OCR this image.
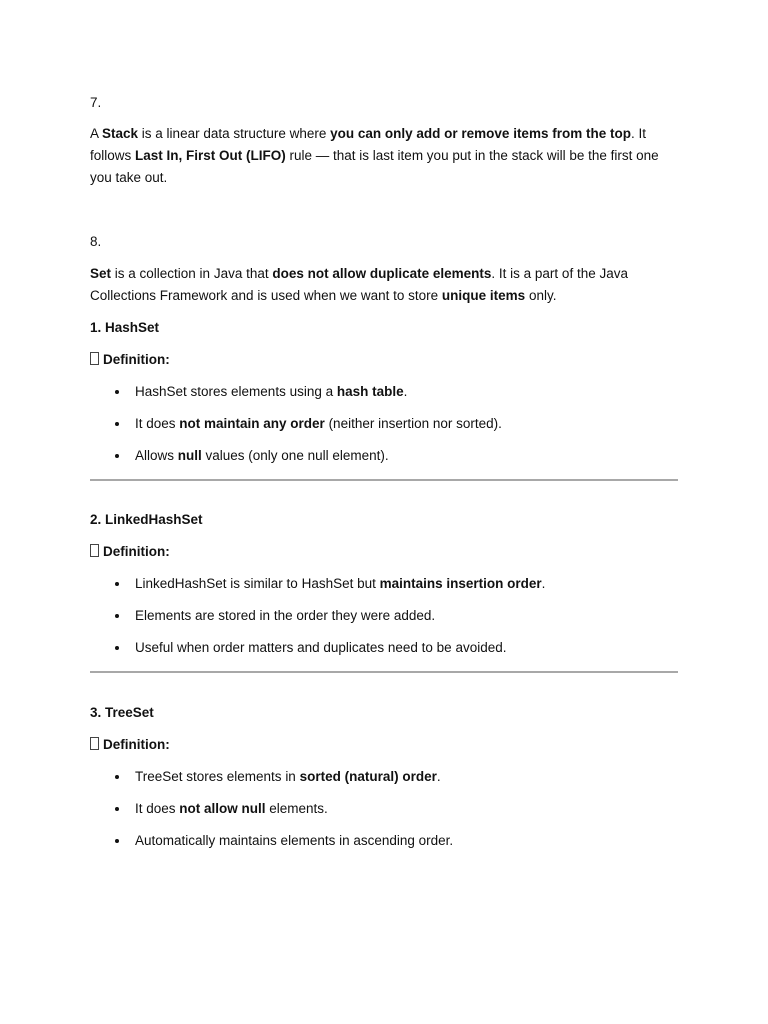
7.

A Stack is a linear data structure where you can only add or remove items from the top. It follows Last In, First Out (LIFO) rule — that is last item you put in the stack will be the first one you take out.

8.

Set is a collection in Java that does not allow duplicate elements. It is a part of the Java Collections Framework and is used when we want to store unique items only.

1. HashSet

Definition:

HashSet stores elements using a hash table.
It does not maintain any order (neither insertion nor sorted).
Allows null values (only one null element).

2. LinkedHashSet

Definition:

LinkedHashSet is similar to HashSet but maintains insertion order.
Elements are stored in the order they were added.
Useful when order matters and duplicates need to be avoided.

3. TreeSet

Definition:

TreeSet stores elements in sorted (natural) order.
It does not allow null elements.
Automatically maintains elements in ascending order.
